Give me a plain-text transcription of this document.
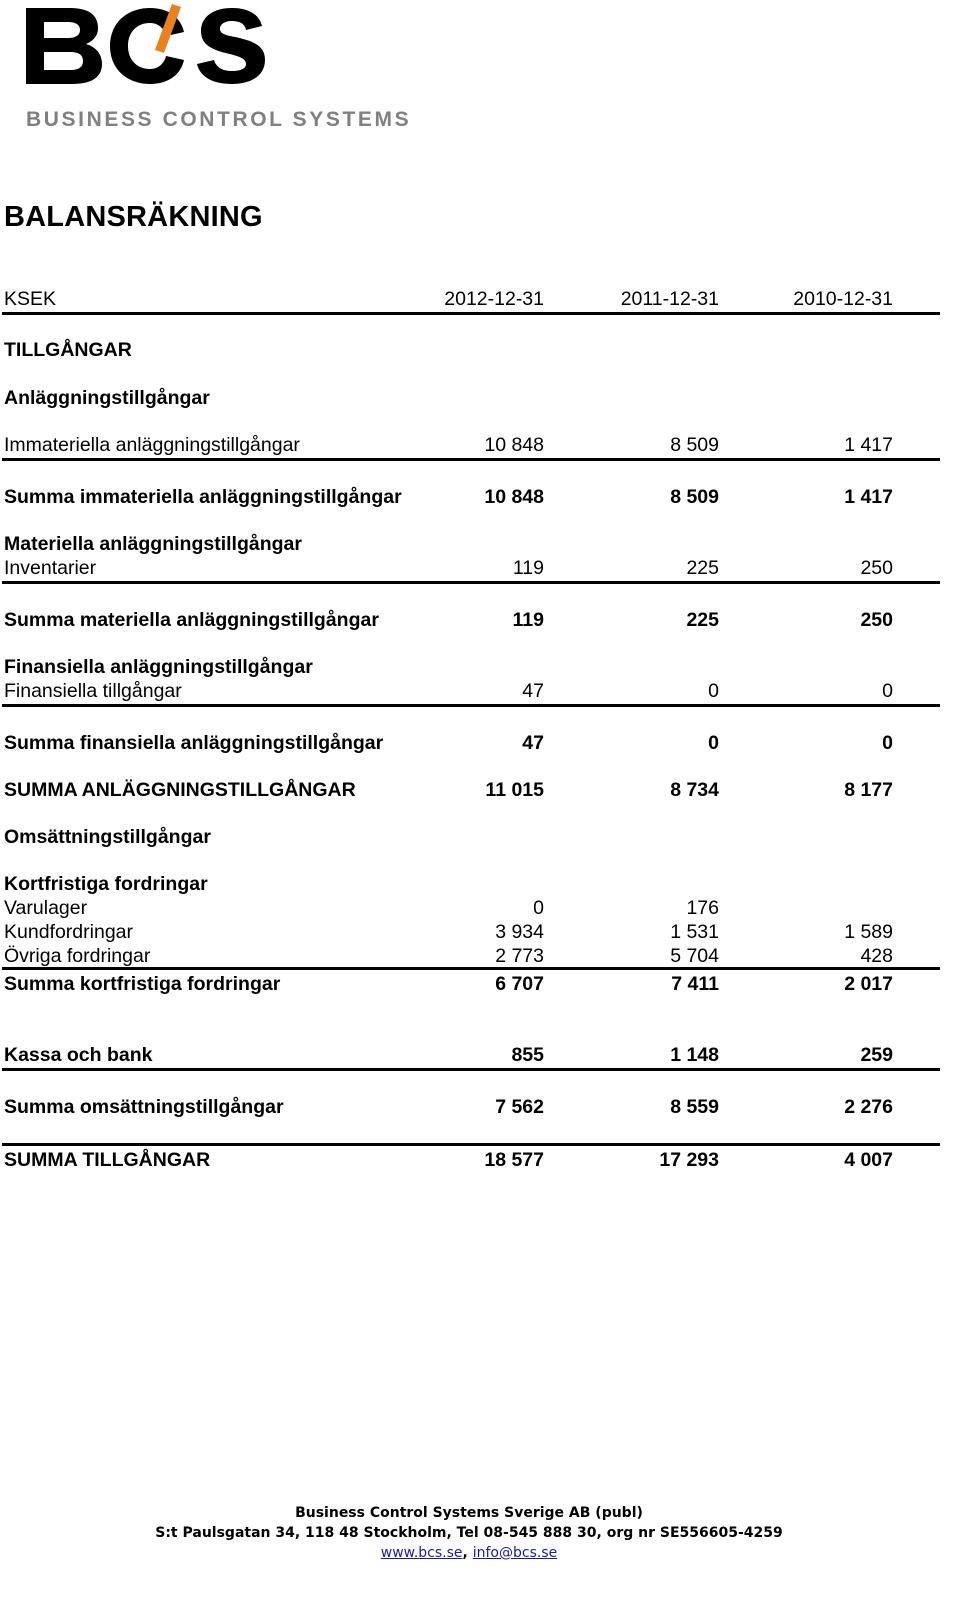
BUSINESS CONTROL SYSTEMS
BALANSRÄKNING
KSEK	2012-12-31	2011-12-31	2010-12-31
TILLGÅNGAR
Anläggningstillgångar
Immateriella anläggningstillgångar	10 848	8 509	1 417
Summa immateriella anläggningstillgångar	10 848	8 509	1 417
Materiella anläggningstillgångar
Inventarier	119	225	250
Summa materiella anläggningstillgångar	119	225	250
Finansiella anläggningstillgångar
Finansiella tillgångar	47	0	0
Summa finansiella anläggningstillgångar	47	0	0
SUMMA ANLÄGGNINGSTILLGÅNGAR	11 015	8 734	8 177
Omsättningstillgångar
Kortfristiga fordringar
Varulager	0	176
Kundfordringar	3 934	1 531	1 589
Övriga fordringar	2 773	5 704	428
Summa kortfristiga fordringar	6 707	7 411	2 017
Kassa och bank	855	1 148	259
Summa omsättningstillgångar	7 562	8 559	2 276
SUMMA TILLGÅNGAR	18 577	17 293	4 007
Business Control Systems Sverige AB (publ)
S:t Paulsgatan 34, 118 48 Stockholm, Tel 08-545 888 30, org nr SE556605-4259
www.bcs.se, info@bcs.se
